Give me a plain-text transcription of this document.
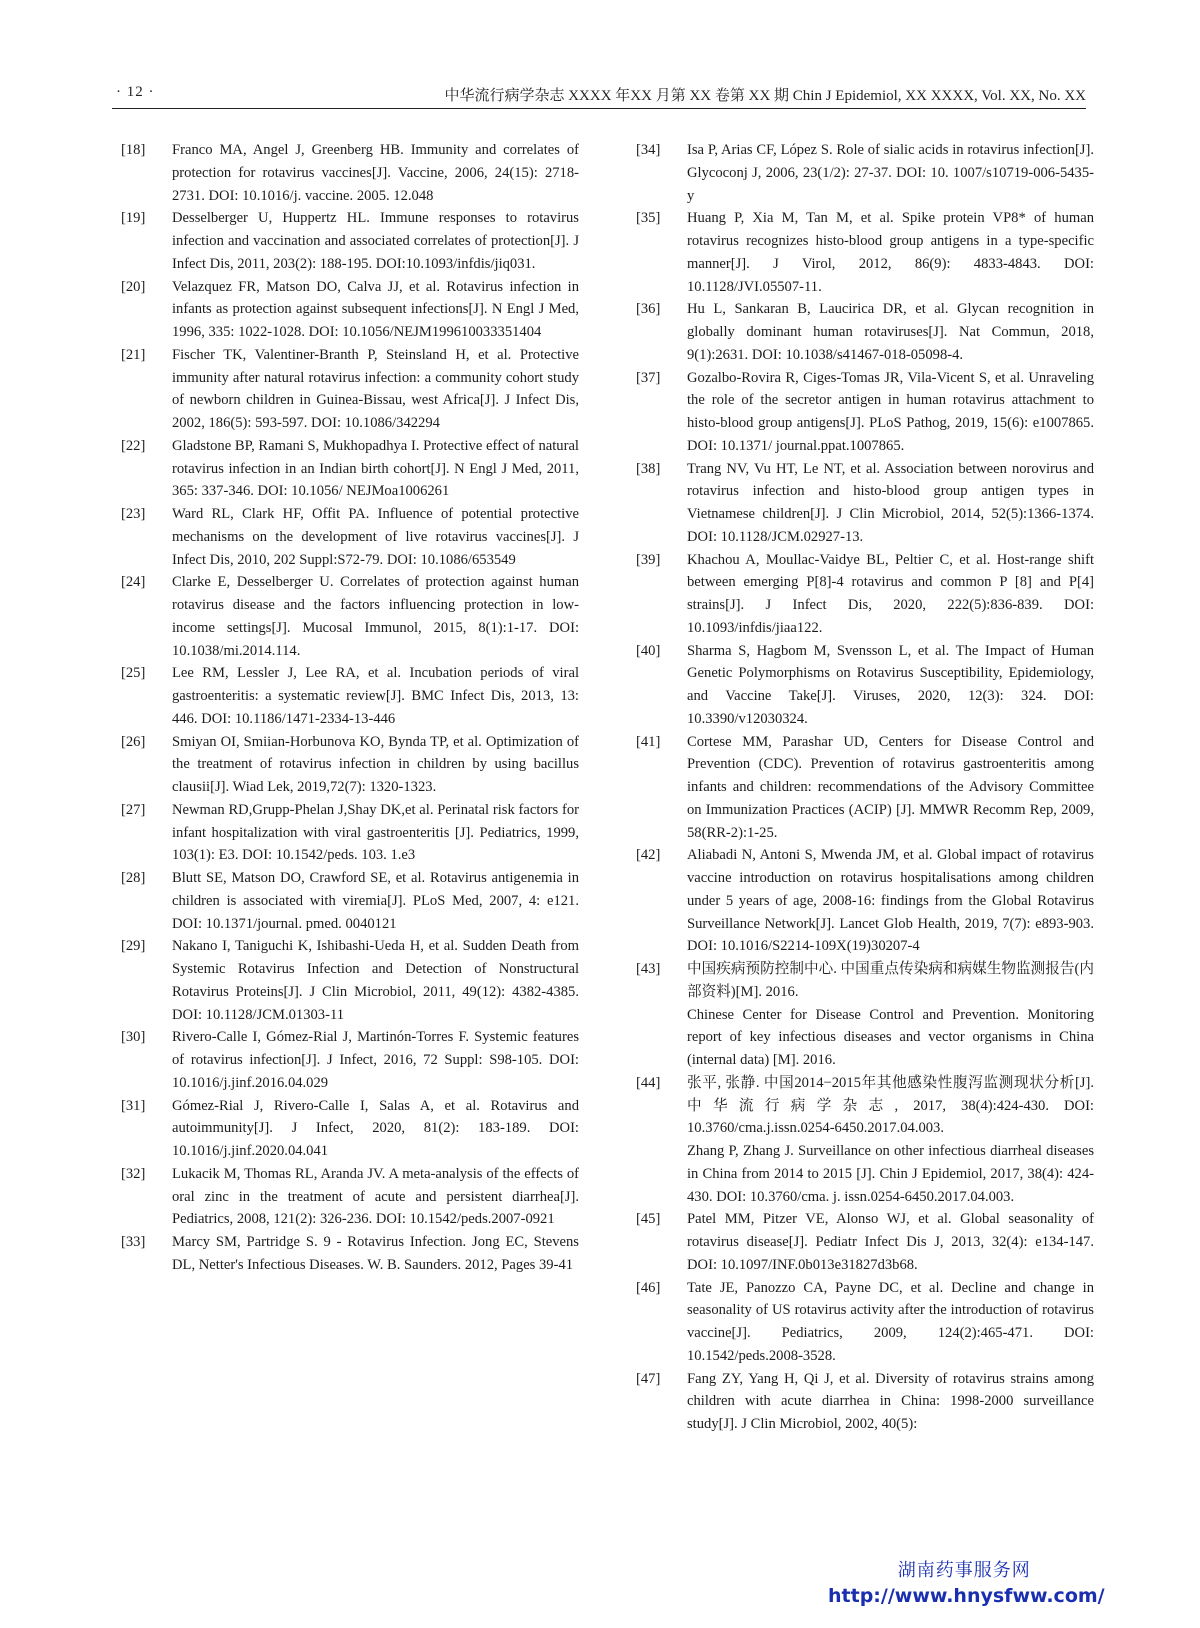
· 12 ·	中华流行病学杂志 XXXX 年XX 月第 XX 卷第 XX 期 Chin J Epidemiol, XX XXXX, Vol. XX, No. XX
[18] Franco MA, Angel J, Greenberg HB. Immunity and correlates of protection for rotavirus vaccines[J]. Vaccine, 2006, 24(15): 2718-2731. DOI: 10.1016/j. vaccine. 2005. 12.048
[19] Desselberger U, Huppertz HL. Immune responses to rotavirus infection and vaccination and associated correlates of protection[J]. J Infect Dis, 2011, 203(2): 188-195. DOI:10.1093/infdis/jiq031.
[20] Velazquez FR, Matson DO, Calva JJ, et al. Rotavirus infection in infants as protection against subsequent infections[J]. N Engl J Med, 1996, 335: 1022-1028. DOI: 10.1056/NEJM199610033351404
[21] Fischer TK, Valentiner-Branth P, Steinsland H, et al. Protective immunity after natural rotavirus infection: a community cohort study of newborn children in Guinea-Bissau, west Africa[J]. J Infect Dis, 2002, 186(5): 593-597. DOI: 10.1086/342294
[22] Gladstone BP, Ramani S, Mukhopadhya I. Protective effect of natural rotavirus infection in an Indian birth cohort[J]. N Engl J Med, 2011, 365: 337-346. DOI: 10.1056/ NEJMoa1006261
[23] Ward RL, Clark HF, Offit PA. Influence of potential protective mechanisms on the development of live rotavirus vaccines[J]. J Infect Dis, 2010, 202 Suppl:S72-79. DOI: 10.1086/653549
[24] Clarke E, Desselberger U. Correlates of protection against human rotavirus disease and the factors influencing protection in low-income settings[J]. Mucosal Immunol, 2015, 8(1):1-17. DOI: 10.1038/mi.2014.114.
[25] Lee RM, Lessler J, Lee RA, et al. Incubation periods of viral gastroenteritis: a systematic review[J]. BMC Infect Dis, 2013, 13: 446. DOI: 10.1186/1471-2334-13-446
[26] Smiyan OI, Smiian-Horbunova KO, Bynda TP, et al. Optimization of the treatment of rotavirus infection in children by using bacillus clausii[J]. Wiad Lek, 2019,72(7): 1320-1323.
[27] Newman RD,Grupp-Phelan J,Shay DK,et al. Perinatal risk factors for infant hospitalization with viral gastroenteritis [J]. Pediatrics, 1999, 103(1): E3. DOI: 10.1542/peds. 103. 1.e3
[28] Blutt SE, Matson DO, Crawford SE, et al. Rotavirus antigenemia in children is associated with viremia[J]. PLoS Med, 2007, 4: e121. DOI: 10.1371/journal. pmed. 0040121
[29] Nakano I, Taniguchi K, Ishibashi-Ueda H, et al. Sudden Death from Systemic Rotavirus Infection and Detection of Nonstructural Rotavirus Proteins[J]. J Clin Microbiol, 2011, 49(12): 4382-4385. DOI: 10.1128/JCM.01303-11
[30] Rivero-Calle I, Gómez-Rial J, Martinón-Torres F. Systemic features of rotavirus infection[J]. J Infect, 2016, 72 Suppl: S98-105. DOI: 10.1016/j.jinf.2016.04.029
[31] Gómez-Rial J, Rivero-Calle I, Salas A, et al. Rotavirus and autoimmunity[J]. J Infect, 2020, 81(2): 183-189. DOI: 10.1016/j.jinf.2020.04.041
[32] Lukacik M, Thomas RL, Aranda JV. A meta-analysis of the effects of oral zinc in the treatment of acute and persistent diarrhea[J]. Pediatrics, 2008, 121(2): 326-236. DOI: 10.1542/peds.2007-0921
[33] Marcy SM, Partridge S. 9 - Rotavirus Infection. Jong EC, Stevens DL, Netter's Infectious Diseases. W. B. Saunders. 2012, Pages 39-41
[34] Isa P, Arias CF, López S. Role of sialic acids in rotavirus infection[J]. Glycoconj J, 2006, 23(1/2): 27-37. DOI: 10. 1007/s10719-006-5435-y
[35] Huang P, Xia M, Tan M, et al. Spike protein VP8* of human rotavirus recognizes histo-blood group antigens in a type-specific manner[J]. J Virol, 2012, 86(9): 4833-4843. DOI: 10.1128/JVI.05507-11.
[36] Hu L, Sankaran B, Laucirica DR, et al. Glycan recognition in globally dominant human rotaviruses[J]. Nat Commun, 2018, 9(1):2631. DOI: 10.1038/s41467-018-05098-4.
[37] Gozalbo-Rovira R, Ciges-Tomas JR, Vila-Vicent S, et al. Unraveling the role of the secretor antigen in human rotavirus attachment to histo-blood group antigens[J]. PLoS Pathog, 2019, 15(6): e1007865. DOI: 10.1371/ journal.ppat.1007865.
[38] Trang NV, Vu HT, Le NT, et al. Association between norovirus and rotavirus infection and histo-blood group antigen types in Vietnamese children[J]. J Clin Microbiol, 2014, 52(5):1366-1374. DOI: 10.1128/JCM.02927-13.
[39] Khachou A, Moullac-Vaidye BL, Peltier C, et al. Host-range shift between emerging P[8]-4 rotavirus and common P [8] and P[4] strains[J]. J Infect Dis, 2020, 222(5):836-839. DOI: 10.1093/infdis/jiaa122.
[40] Sharma S, Hagbom M, Svensson L, et al. The Impact of Human Genetic Polymorphisms on Rotavirus Susceptibility, Epidemiology, and Vaccine Take[J]. Viruses, 2020, 12(3): 324. DOI: 10.3390/v12030324.
[41] Cortese MM, Parashar UD, Centers for Disease Control and Prevention (CDC). Prevention of rotavirus gastroenteritis among infants and children: recommendations of the Advisory Committee on Immunization Practices (ACIP) [J]. MMWR Recomm Rep, 2009, 58(RR-2):1-25.
[42] Aliabadi N, Antoni S, Mwenda JM, et al. Global impact of rotavirus vaccine introduction on rotavirus hospitalisations among children under 5 years of age, 2008-16: findings from the Global Rotavirus Surveillance Network[J]. Lancet Glob Health, 2019, 7(7): e893-903. DOI: 10.1016/S2214-109X(19)30207-4
[43] 中国疾病预防控制中心. 中国重点传染病和病媒生物监测报告(内部资料)[M]. 2016.
Chinese Center for Disease Control and Prevention. Monitoring report of key infectious diseases and vector organisms in China (internal data) [M]. 2016.
[44] 张平, 张静. 中国2014−2015年其他感染性腹泻监测现状分析[J]. 中华流行病学杂志, 2017, 38(4):424-430. DOI: 10.3760/cma.j.issn.0254-6450.2017.04.003.
Zhang P, Zhang J. Surveillance on other infectious diarrheal diseases in China from 2014 to 2015 [J]. Chin J Epidemiol, 2017, 38(4): 424-430. DOI: 10.3760/cma. j. issn.0254-6450.2017.04.003.
[45] Patel MM, Pitzer VE, Alonso WJ, et al. Global seasonality of rotavirus disease[J]. Pediatr Infect Dis J, 2013, 32(4): e134-147. DOI: 10.1097/INF.0b013e31827d3b68.
[46] Tate JE, Panozzo CA, Payne DC, et al. Decline and change in seasonality of US rotavirus activity after the introduction of rotavirus vaccine[J]. Pediatrics, 2009, 124(2):465-471. DOI: 10.1542/peds.2008-3528.
[47] Fang ZY, Yang H, Qi J, et al. Diversity of rotavirus strains among children with acute diarrhea in China: 1998-2000 surveillance study[J]. J Clin Microbiol, 2002, 40(5):
湖南药事服务网
http://www.hnysfww.com/
